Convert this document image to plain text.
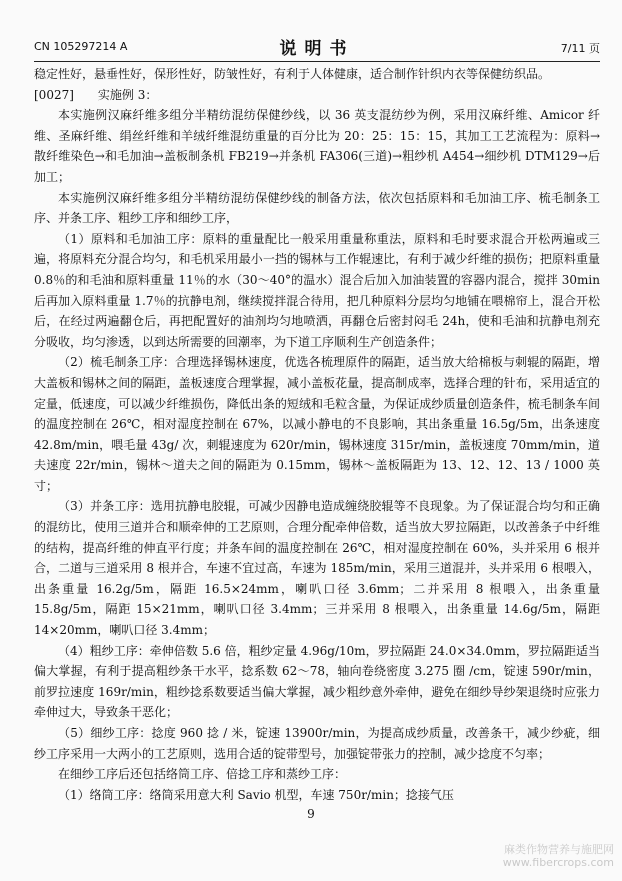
CN 105297214 A	说明书	7/11 页

稳定性好，悬垂性好，保形性好，防皱性好，有利于人体健康，适合制作针织内衣等保健纺织品。

[0027]　　实施例 3：

本实施例汉麻纤维多组分半精纺混纺保健纱线，以 36 英支混纺纱为例，采用汉麻纤维、Amicor 纤维、圣麻纤维、绢丝纤维和羊绒纤维混纺重量的百分比为 20：25：15：15，其加工工艺流程为：原料→散纤维染色→和毛加油→盖板制条机 FB219→并条机 FA306(三道)→粗纱机 A454→细纱机 DTM129→后加工；

本实施例汉麻纤维多组分半精纺混纺保健纱线的制备方法，依次包括原料和毛加油工序、梳毛制条工序、并条工序、粗纱工序和细纱工序，

（1）原料和毛加油工序：原料的重量配比一般采用重量称重法，原料和毛时要求混合开松两遍或三遍，将原料充分混合均匀，和毛机采用最小一挡的锡林与工作辊速比，有利于减少纤维的损伤；把原料重量 0.8％的和毛油和原料重量 11％的水（30～40°的温水）混合后加入加油装置的容器内混合，搅拌 30min 后再加入原料重量 1.7％的抗静电剂，继续搅拌混合待用，把几种原料分层均匀地铺在喂棉帘上，混合开松后，在经过两遍翻仓后，再把配置好的油剂均匀地喷洒，再翻仓后密封闷毛 24h，使和毛油和抗静电剂充分吸收，均匀渗透，以到达所需要的回潮率，为下道工序顺利生产创造条件；

（2）梳毛制条工序：合理选择锡林速度，优选各梳理原件的隔距，适当放大给棉板与刺辊的隔距，增大盖板和锡林之间的隔距，盖板速度合理掌握，减小盖板花量，提高制成率，选择合理的针布，采用适宜的定量，低速度，可以减少纤维损伤，降低出条的短绒和毛粒含量，为保证成纱质量创造条件，梳毛制条车间的温度控制在 26℃，相对湿度控制在 67%，以减小静电的不良影响，其出条重量 16.5g/5m，出条速度 42.8m/min，喂毛量 43g/ 次，刺辊速度为 620r/min，锡林速度 315r/min，盖板速度 70mm/min，道夫速度 22r/min，锡林～道夫之间的隔距为 0.15mm，锡林～盖板隔距为 13、12、12、13 / 1000 英寸；

（3）并条工序：选用抗静电胶辊，可减少因静电造成缠绕胶辊等不良现象。为了保证混合均匀和正确的混纺比，使用三道并合和顺牵伸的工艺原则，合理分配牵伸倍数，适当放大罗拉隔距，以改善条子中纤维的结构，提高纤维的伸直平行度；并条车间的温度控制在 26℃，相对湿度控制在 60%，头并采用 6 根并合，二道与三道采用 8 根并合，车速不宜过高，车速为 185m/min，采用三道混并，头并采用 6 根喂入，出条重量 16.2g/5m，隔距 16.5×24mm，喇叭口径 3.6mm；二并采用 8 根喂入，出条重量 15.8g/5m，隔距 15×21mm，喇叭口径 3.4mm；三并采用 8 根喂入，出条重量 14.6g/5m，隔距 14×20mm，喇叭口径 3.4mm；

（4）粗纱工序：牵伸倍数 5.6 倍，粗纱定量 4.96g/10m，罗拉隔距 24.0×34.0mm，罗拉隔距适当偏大掌握，有利于提高粗纱条干水平，捻系数 62～78，轴向卷绕密度 3.275 圈 /cm，锭速 590r/min，前罗拉速度 169r/min，粗纱捻系数要适当偏大掌握，减少粗纱意外牵伸，避免在细纱导纱架退绕时应张力牵伸过大，导致条干恶化；

（5）细纱工序：捻度 960 捻 / 米，锭速 13900r/min，为提高成纱质量，改善条干，减少纱疵，细纱工序采用一大两小的工艺原则，选用合适的锭带型号，加强锭带张力的控制，减少捻度不匀率；

在细纱工序后还包括络筒工序、倍捻工序和蒸纱工序：

（1）络筒工序：络筒采用意大利 Savio 机型，车速 750r/min；捻接气压

9
麻类作物营养与施肥网
www.fibercrops.com
